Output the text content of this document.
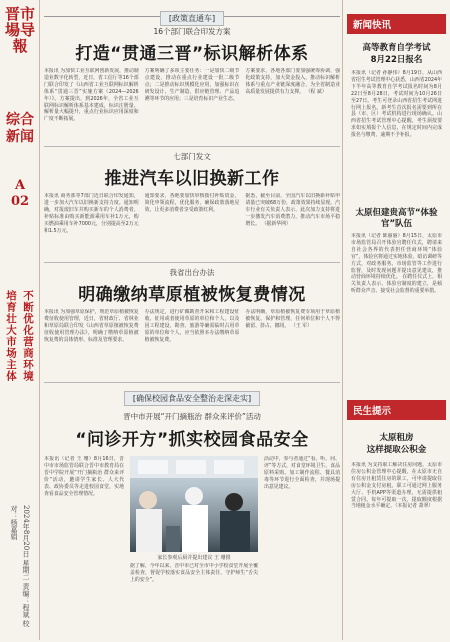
晋市場导報
综合新闻
A 02
不断优化营商环境
培育壮大市场主体
2024年8月20日 星期二 责编：程斌 校对：杨嘉娟
[政策直通车]
16个部门联合印发方案
打造“贯通三晋”标识解析体系
本报讯 为加快工业互联网创新发展，推动制造业数字化转型，近日，省工信厅等16个部门联合印发了《山西省工业互联网标识解析体系“贯通三晋”实施方案（2024—2026年）》。方案提出，到2026年，全省工业互联网标识解析体系基本建成，标识注册量、解析量大幅提升，重点行业标识应用深度和广度不断拓展。
方案明确了多项主要任务：一是加快二级节点建设，推动在重点行业建设一批二级节点；二是推动标识规模化应用，加强标识在研发设计、生产制造、供应链管理、产品追溯等环节的应用；三是培育标识产业生态。
方案要求，各地各部门要加强统筹协调，强化政策支持，加大资金投入，推动标识解析体系与重点产业链深度融合，为全省制造业高质量发展提供有力支撑。 （程 斌）
七部门发文
推进汽车以旧换新工作
本报讯 商务部等7部门近日联合印发通知，进一步加大汽车以旧换新支持力度。通知明确，对报废旧车并购买新车的个人消费者，补贴标准由购买新能源乘用车补1万元，购买燃油乘用车补7000元，分别提高至2万元和1.5万元。
通知要求，各地要加快审核拨付补贴资金，简化申领流程，优化服务，确保政策落地见效，让更多消费者享受政策红利。
据悉，截至目前，全国汽车以旧换新补贴申请量已突破68万份，政策效果持续显现。汽车行业有关负责人表示，此次加力支持将进一步激发汽车消费潜力，推动汽车市场平稳增长。 （据新华网）
我省出台办法
明确缴纳草原植被恢复费情况
本报讯 为加强草原保护，规范草原植被恢复费征收使用管理，近日，省财政厅、省林业和草原局联合印发《山西省草原植被恢复费征收使用管理办法》，明确了缴纳草原植被恢复费的具体情形、标准及管理要求。
办法规定，进行矿藏勘查开采和工程建设征收、征用或者使用草原的单位和个人，以及因工程建设、勘查、旅游等确需临时占用草原的单位和个人，应当依照本办法缴纳草原植被恢复费。
办法明确，草原植被恢复费专项用于草原植被恢复、保护和管理，任何单位和个人不得截留、挤占、挪用。 （王 军）
[确保校园食品安全整治走深走实]
晋中市开展“开门摘瓶治 群众来评价”活动
“问诊开方”抓实校园食品安全
本报讯（记者 王 珊）8月16日，晋中市市场监管局联合晋中市教育局在晋中学院开展“开门摘瓶治 群众来评价”活动，邀请学生家长、人大代表、政协委员等走进校园食堂，实地查看食品安全管理情况。
家长参观后厨并提出建议 王 珊摄
据了解，今年以来，晋中市已对全市中小学校食堂开展全覆盖检查，督促学校落实食品安全主体责任，守护师生“舌尖上的安全”。
活动中，参与者通过“看、听、问、评”等方式，对食堂环境卫生、食品原料采购、加工制作流程、餐具消毒等环节进行全面检查，并现场提出意见建议。
新闻快讯
高等教育自学考试
8月22日报名
本报讯（记者 孙静伟）8月19日，从山西省招生考试管理中心获悉，山西省2024年下半年高等教育自学考试报名时间为8月22日至8月28日，考试时间为10月26日至27日。考生可登录山西省招生考试网进行网上报名。新考生首次报名需要到所在县（市、区）考试机构进行现场确认。山西省招生考试管理中心提醒，考生须按要求如实填报个人信息，在规定时间内完成报名与缴费，逾期不予补报。
太原但建贵高节“体验官”队伍
本报讯（记者 陈丽丽）8月15日，太原市市场监管局召开体验官聘任仪式，聘请来自社会各界的代表担任营商环境“体验官”。体验官将通过实地体验、暗访调研等方式，对政务服务、市场监管等工作进行监督，及时发现问题并提出意见建议，推动营商环境持续优化。 在聘任仪式上，相关负责人表示，体验官制度的建立，是倾听群众声音、接受社会监督的重要举措。
民生提示
太原租房
这样提取公积金
本报讯 为支持职工解决住房问题，太原市住房公积金管理中心提醒，在太原市无自有住房且租赁住房的职工，可申请提取住房公积金支付房租。职工可通过网上服务大厅、手机APP等渠道办理，无需提供租赁合同。每年可提取一次，提取额度根据当地租金水平确定。（本报记者 萧翠）
